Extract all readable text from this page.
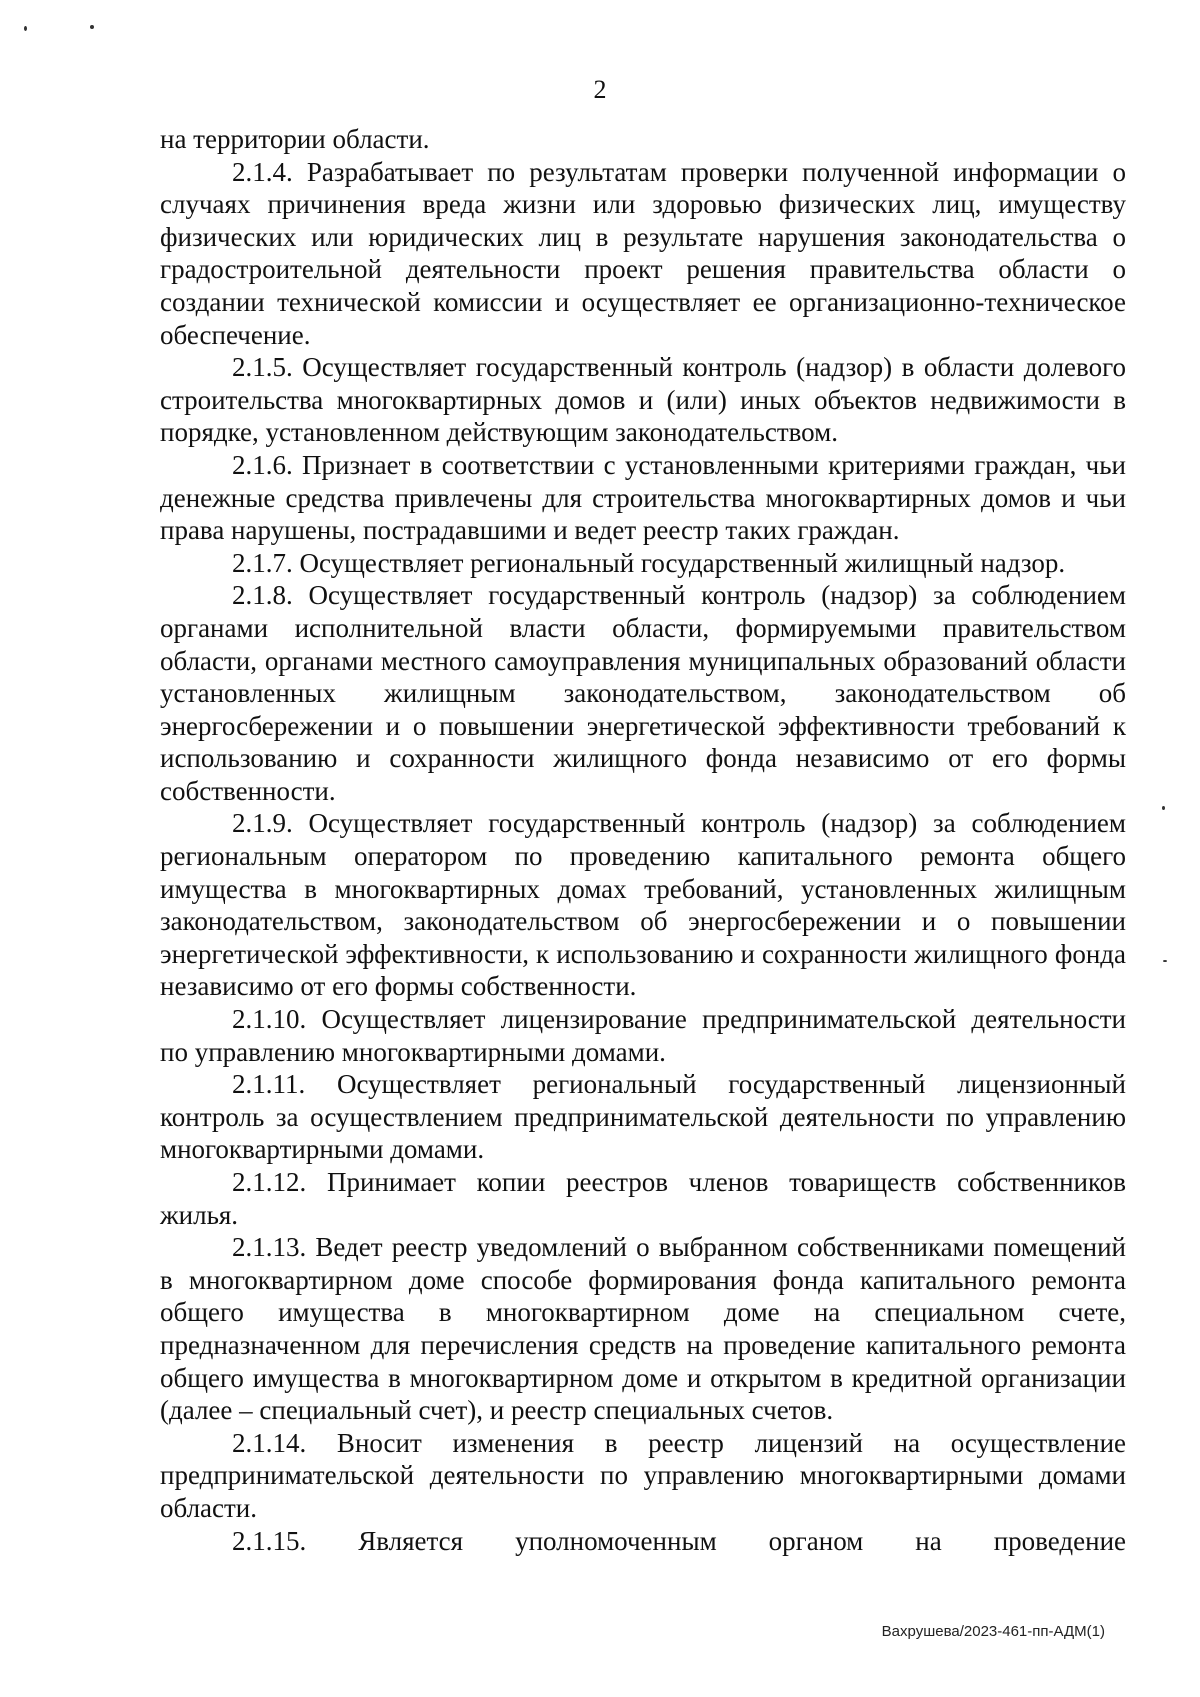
2

на территории области.

2.1.4. Разрабатывает по результатам проверки полученной информации о случаях причинения вреда жизни или здоровью физических лиц, имуществу физических или юридических лиц в результате нарушения законодательства о градостроительной деятельности проект решения правительства области о создании технической комиссии и осуществляет ее организационно-техническое обеспечение.

2.1.5. Осуществляет государственный контроль (надзор) в области долевого строительства многоквартирных домов и (или) иных объектов недвижимости в порядке, установленном действующим законодательством.

2.1.6. Признает в соответствии с установленными критериями граждан, чьи денежные средства привлечены для строительства многоквартирных домов и чьи права нарушены, пострадавшими и ведет реестр таких граждан.

2.1.7. Осуществляет региональный государственный жилищный надзор.

2.1.8. Осуществляет государственный контроль (надзор) за соблюдением органами исполнительной власти области, формируемыми правительством области, органами местного самоуправления муниципальных образований области установленных жилищным законодательством, законодательством об энергосбережении и о повышении энергетической эффективности требований к использованию и сохранности жилищного фонда независимо от его формы собственности.

2.1.9. Осуществляет государственный контроль (надзор) за соблюдением региональным оператором по проведению капитального ремонта общего имущества в многоквартирных домах требований, установленных жилищным законодательством, законодательством об энергосбережении и о повышении энергетической эффективности, к использованию и сохранности жилищного фонда независимо от его формы собственности.

2.1.10. Осуществляет лицензирование предпринимательской деятельности по управлению многоквартирными домами.

2.1.11. Осуществляет региональный государственный лицензионный контроль за осуществлением предпринимательской деятельности по управлению многоквартирными домами.

2.1.12. Принимает копии реестров членов товариществ собственников жилья.

2.1.13. Ведет реестр уведомлений о выбранном собственниками помещений в многоквартирном доме способе формирования фонда капитального ремонта общего имущества в многоквартирном доме на специальном счете, предназначенном для перечисления средств на проведение капитального ремонта общего имущества в многоквартирном доме и открытом в кредитной организации (далее – специальный счет), и реестр специальных счетов.

2.1.14. Вносит изменения в реестр лицензий на осуществление предпринимательской деятельности по управлению многоквартирными домами области.

2.1.15. Является уполномоченным органом на проведение

Вахрушева/2023-461-пп-АДМ(1)
